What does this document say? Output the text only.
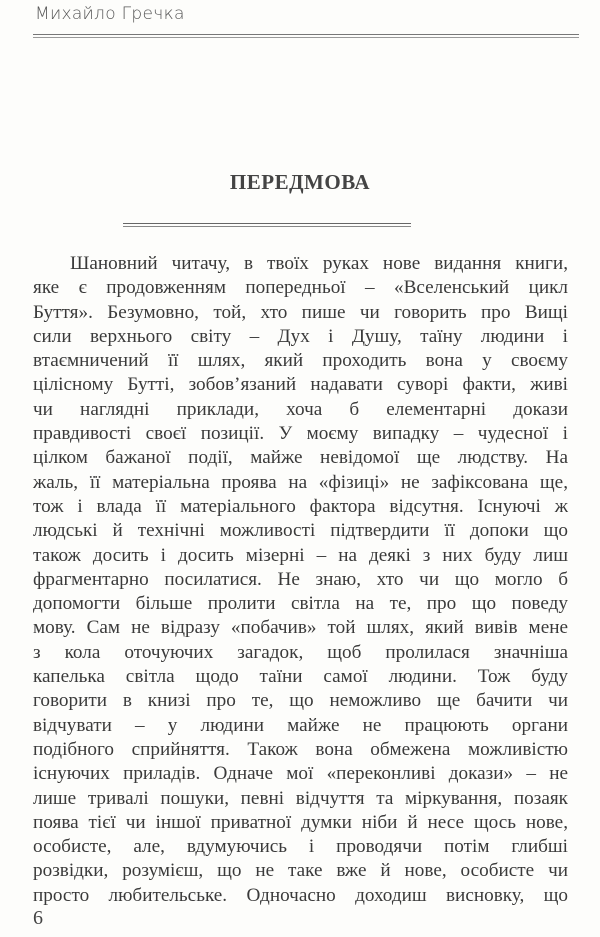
Михайло Гречка
ПЕРЕДМОВА
Шановний читачу, в твоїх руках нове видання книги,
яке є продовженням попередньої – «Вселенський цикл
Буття». Безумовно, той, хто пише чи говорить про Вищі
сили верхнього світу – Дух і Душу, таїну людини і
втаємничений її шлях, який проходить вона у своєму
цілісному Бутті, зобов’язаний надавати суворі факти, живі
чи наглядні приклади, хоча б елементарні докази
правдивості своєї позиції. У моєму випадку – чудесної і
цілком бажаної події, майже невідомої ще людству. На
жаль, її матеріальна проява на «фізиці» не зафіксована ще,
тож і влада її матеріального фактора відсутня. Існуючі ж
людські й технічні можливості підтвердити її допоки що
також досить і досить мізерні – на деякі з них буду лиш
фрагментарно посилатися. Не знаю, хто чи що могло б
допомогти більше пролити світла на те, про що поведу
мову. Сам не відразу «побачив» той шлях, який вивів мене
з кола оточуючих загадок, щоб пролилася значніша
капелька світла щодо таїни самої людини. Тож буду
говорити в книзі про те, що неможливо ще бачити чи
відчувати – у людини майже не працюють органи
подібного сприйняття. Також вона обмежена можливістю
існуючих приладів. Одначе мої «переконливі докази» – не
лише тривалі пошуки, певні відчуття та міркування, позаяк
поява тієї чи іншої приватної думки ніби й несе щось нове,
особисте, але, вдумуючись і проводячи потім глибші
розвідки, розумієш, що не таке вже й нове, особисте чи
просто любительське. Одночасно доходиш висновку, що
6
